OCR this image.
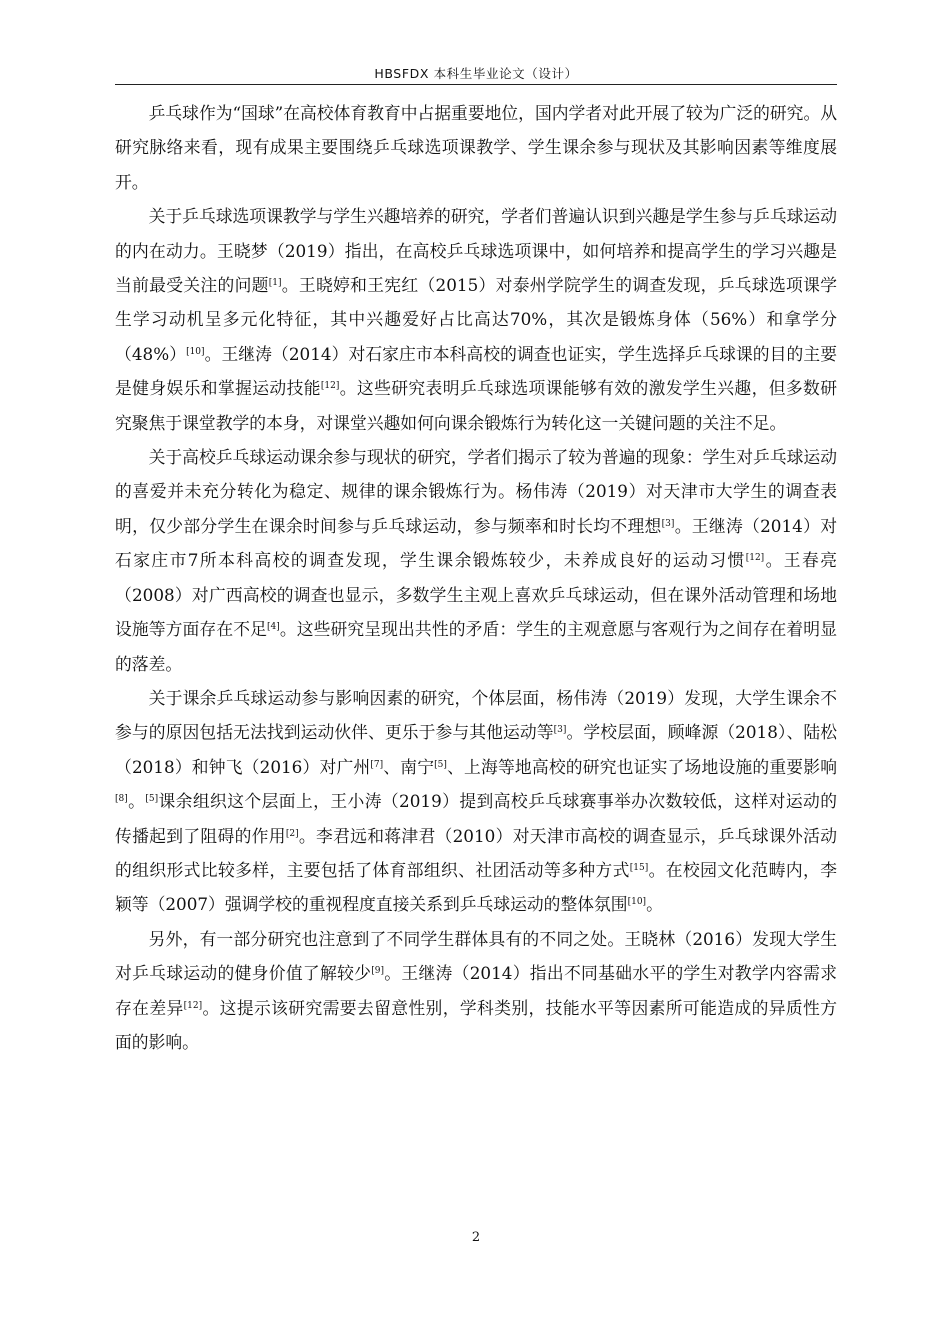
HBSFDX 本科生毕业论文（设计）

乒乓球作为“国球”在高校体育教育中占据重要地位，国内学者对此开展了较为广泛的研究。从研究脉络来看，现有成果主要围绕乒乓球选项课教学、学生课余参与现状及其影响因素等维度展开。

关于乒乓球选项课教学与学生兴趣培养的研究，学者们普遍认识到兴趣是学生参与乒乓球运动的内在动力。王晓梦（2019）指出，在高校乒乓球选项课中，如何培养和提高学生的学习兴趣是当前最受关注的问题[1]。王晓婷和王宪红（2015）对泰州学院学生的调查发现，乒乓球选项课学生学习动机呈多元化特征，其中兴趣爱好占比高达70%，其次是锻炼身体（56%）和拿学分（48%）[10]。王继涛（2014）对石家庄市本科高校的调查也证实，学生选择乒乓球课的目的主要是健身娱乐和掌握运动技能[12]。这些研究表明乒乓球选项课能够有效的激发学生兴趣，但多数研究聚焦于课堂教学的本身，对课堂兴趣如何向课余锻炼行为转化这一关键问题的关注不足。

关于高校乒乓球运动课余参与现状的研究，学者们揭示了较为普遍的现象：学生对乒乓球运动的喜爱并未充分转化为稳定、规律的课余锻炼行为。杨伟涛（2019）对天津市大学生的调查表明，仅少部分学生在课余时间参与乒乓球运动，参与频率和时长均不理想[3]。王继涛（2014）对石家庄市7所本科高校的调查发现，学生课余锻炼较少，未养成良好的运动习惯[12]。王春亮（2008）对广西高校的调查也显示，多数学生主观上喜欢乒乓球运动，但在课外活动管理和场地设施等方面存在不足[4]。这些研究呈现出共性的矛盾：学生的主观意愿与客观行为之间存在着明显的落差。

关于课余乒乓球运动参与影响因素的研究，个体层面，杨伟涛（2019）发现，大学生课余不参与的原因包括无法找到运动伙伴、更乐于参与其他运动等[3]。学校层面，顾峰源（2018）、陆松（2018）和钟飞（2016）对广州[7]、南宁[5]、上海等地高校的研究也证实了场地设施的重要影响[8]。[5]课余组织这个层面上，王小涛（2019）提到高校乒乓球赛事举办次数较低，这样对运动的传播起到了阻碍的作用[2]。李君远和蒋津君（2010）对天津市高校的调查显示，乒乓球课外活动的组织形式比较多样，主要包括了体育部组织、社团活动等多种方式[15]。在校园文化范畴内，李颖等（2007）强调学校的重视程度直接关系到乒乓球运动的整体氛围[10]。

另外，有一部分研究也注意到了不同学生群体具有的不同之处。王晓林（2016）发现大学生对乒乓球运动的健身价值了解较少[9]。王继涛（2014）指出不同基础水平的学生对教学内容需求存在差异[12]。这提示该研究需要去留意性别，学科类别，技能水平等因素所可能造成的异质性方面的影响。

2
